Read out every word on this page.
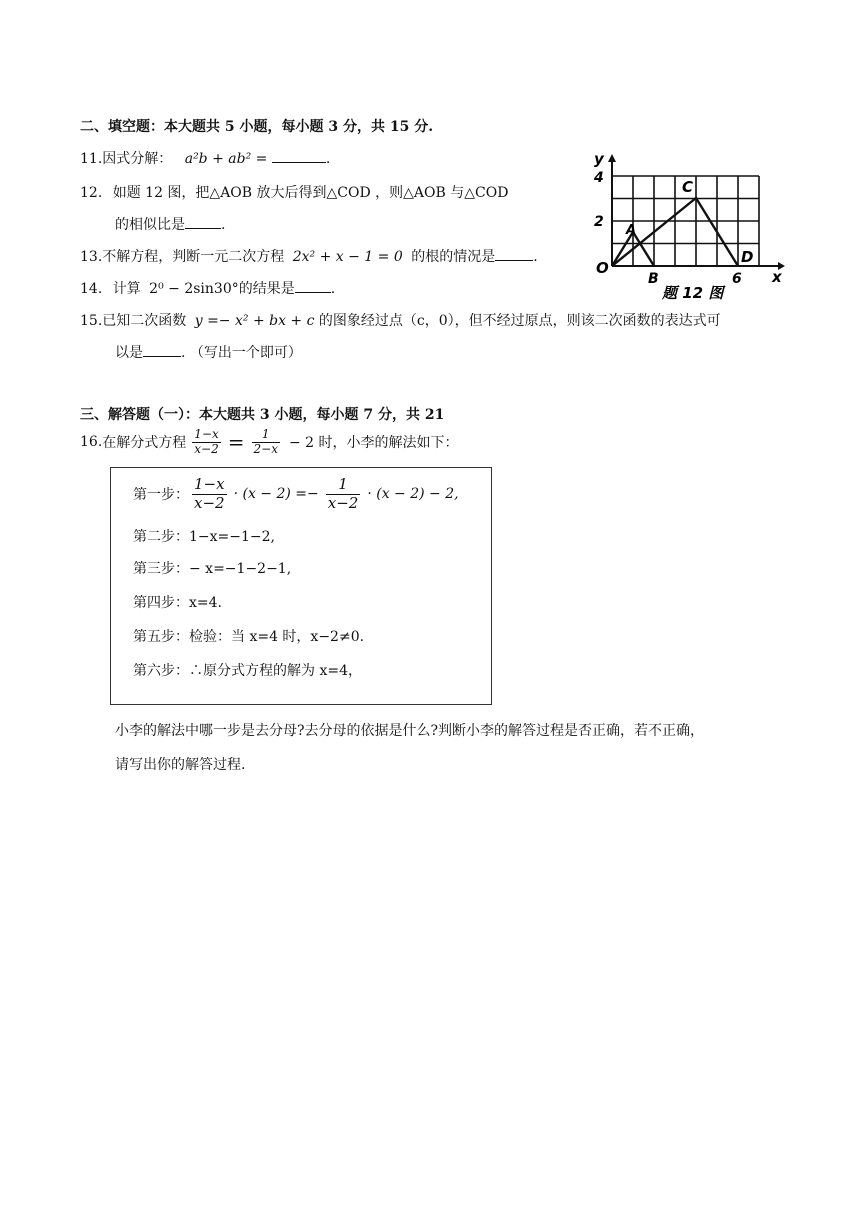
二、填空题：本大题共 5 小题，每小题 3 分，共 15 分.
11.因式分解： a²b + ab² =	.
12. 如题 12 图，把△AOB 放大后得到△COD ，则△AOB 与△COD
的相似比是	.
13.不解方程，判断一元二次方程 2x² + x − 1 = 0 的根的情况是	.
14. 计算 2⁰ − 2sin30°的结果是	.
15.已知二次函数 y =− x² + bx + c 的图象经过点（c，0），但不经过原点，则该二次函数的表达式可
以是	. （写出一个即可）
y
4
2
O
A
B
C
D
6 x
题 12 图
三、解答题（一）：本大题共 3 小题，每小题 7 分，共 21
16. 在解分式方程 $\frac{1-x}{x-2} = \frac{1}{2-x} - 2$ 时，小李的解法如下：
第一步： $\frac{1-x}{x-2} \cdot (x - 2) =- \frac{1}{x-2} \cdot (x - 2) - 2$,
第二步：1−x=−1−2,
第三步：− x=−1−2−1,
第四步：x=4.
第五步：检验：当 x=4 时，x−2≠0.
第六步：∴原分式方程的解为 x=4，
小李的解法中哪一步是去分母?去分母的依据是什么?判断小李的解答过程是否正确，若不正确，
请写出你的解答过程.
